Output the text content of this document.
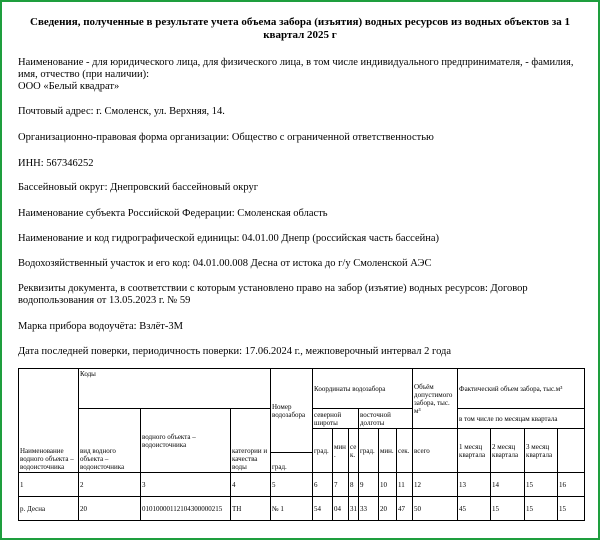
Сведения, полученные в результате учета объема забора (изъятия) водных ресурсов из водных объектов за 1 квартал 2025 г
Наименование - для юридического лица, для физического лица, в том числе индивидуального предпринимателя, - фамилия, имя, отчество (при наличии):
ООО «Белый квадрат»
Почтовый адрес: г. Смоленск, ул. Верхняя, 14.
Организационно-правовая форма организации: Общество с ограниченной ответственностью
ИНН: 567346252
Бассейновый округ: Днепровский бассейновый округ
Наименование субъекта Российской Федерации: Смоленская область
Наименование и код гидрографической единицы: 04.01.00 Днепр (российская часть бассейна)
Водохозяйственный участок и его код: 04.01.00.008 Десна от истока до г/у Смоленской АЭС
Реквизиты документа, в соответствии с которым установлено право на забор (изъятие) водных ресурсов: Договор водопользования от 13.05.2023 г. № 59
Марка прибора водоучёта: Взлёт-3М
Дата последней поверки, периодичность поверки: 17.06.2024 г., межповерочный интервал 2 года
Наименование водного объекта – водоисточника	Коды			Номер водозабора	Координаты водозабора						Объём допустимого забора, тыс. м³	Фактический объем забора, тыс.м³			
	вид водного объекта – водоисточника	водного объекта – водоисточника	категории и качества воды		северной широты			восточной долготы				в том числе по месяцам квартала			
					град.	мин.	сек.	град.	мин.	сек.	всего	1 месяц квартала	2 месяц квартала	3 месяц квартала	
				град.											
1	2	3	4	5	6	7	8	9	10	11	12	13	14	15	16
р. Десна	20	01010000112104300000215	ТН	№ 1	54	04	31	33	20	47	50	45	15	15	15
